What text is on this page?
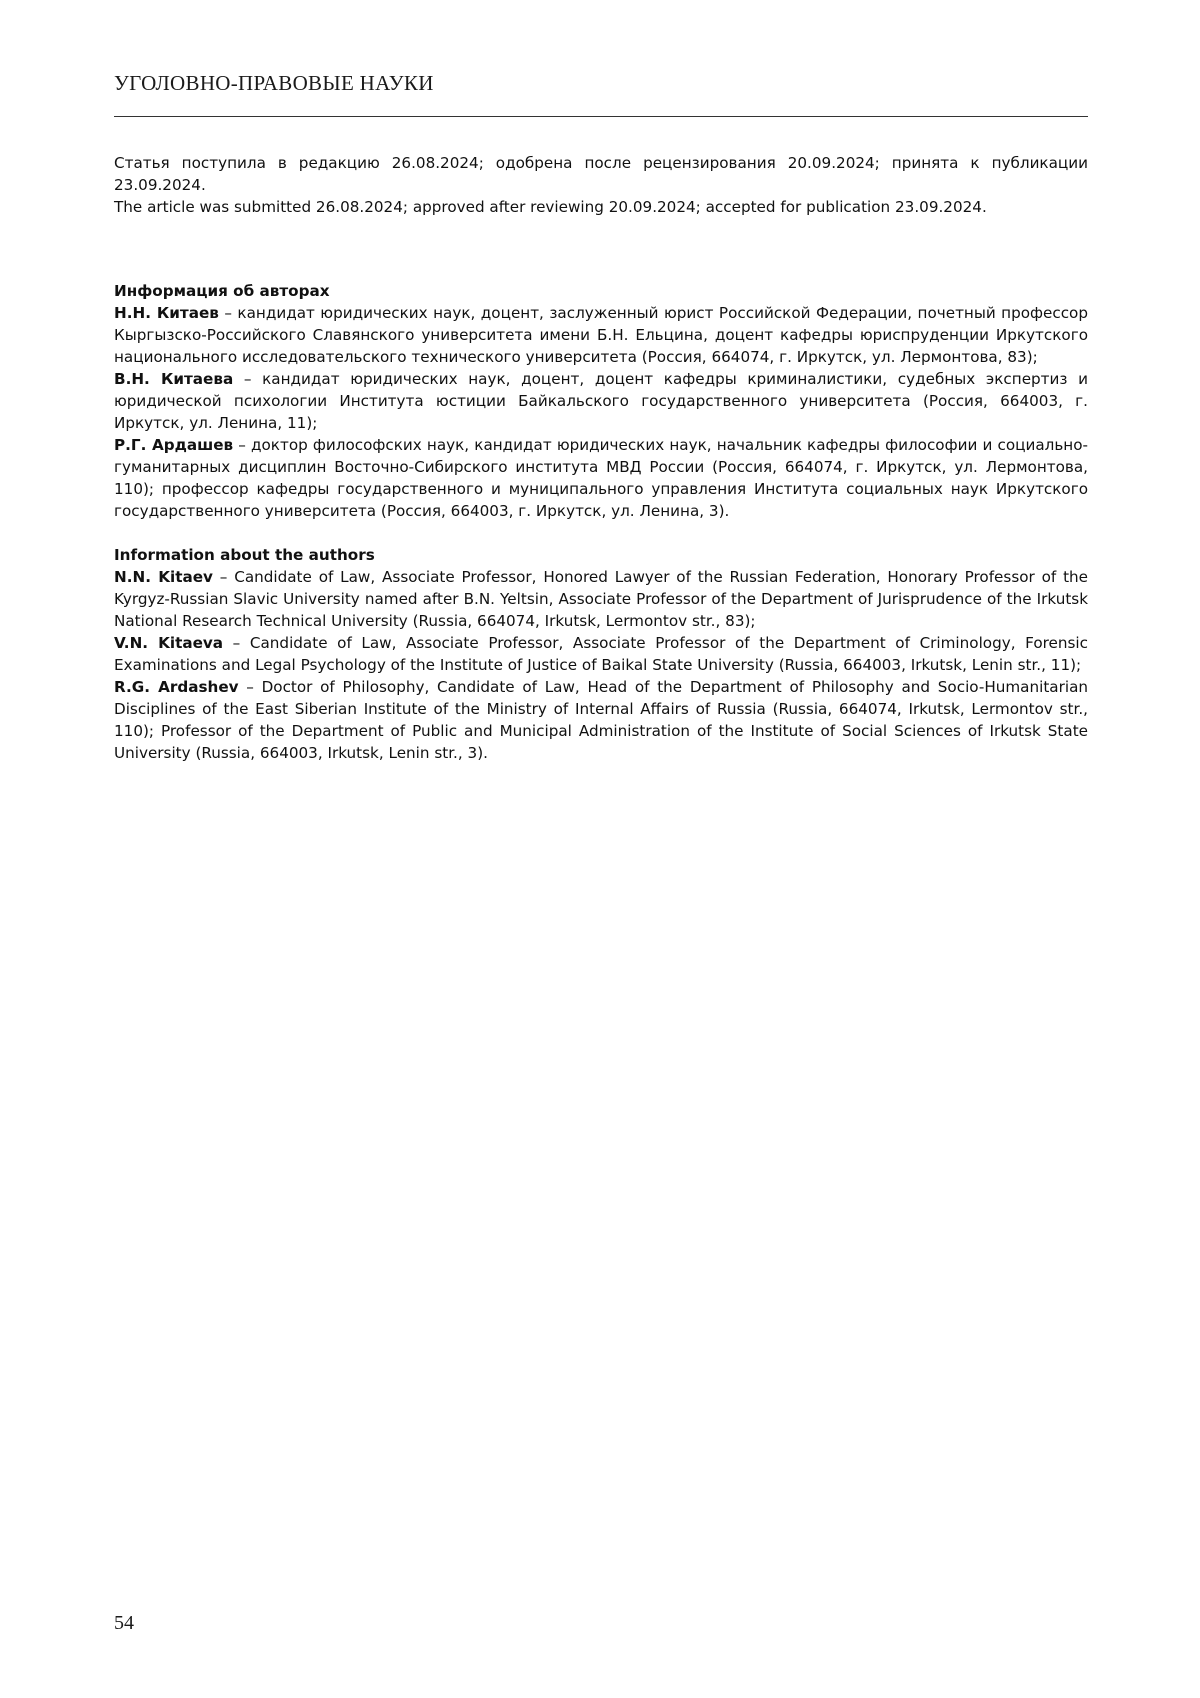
УГОЛОВНО-ПРАВОВЫЕ НАУКИ

Статья поступила в редакцию 26.08.2024; одобрена после рецензирования 20.09.2024; принята к публикации 23.09.2024.

The article was submitted 26.08.2024; approved after reviewing 20.09.2024; accepted for publication 23.09.2024.

Информация об авторах

Н.Н. Китаев – кандидат юридических наук, доцент, заслуженный юрист Российской Федерации, почетный профессор Кыргызско-Российского Славянского университета имени Б.Н. Ельцина, доцент кафедры юриспруденции Иркутского национального исследовательского технического университета (Россия, 664074, г. Иркутск, ул. Лермонтова, 83);

В.Н. Китаева – кандидат юридических наук, доцент, доцент кафедры криминалистики, судебных экспертиз и юридической психологии Института юстиции Байкальского государственного университета (Россия, 664003, г. Иркутск, ул. Ленина, 11);

Р.Г. Ардашев – доктор философских наук, кандидат юридических наук, начальник кафедры философии и социально-гуманитарных дисциплин Восточно-Сибирского института МВД России (Россия, 664074, г. Иркутск, ул. Лермонтова, 110); профессор кафедры государственного и муниципального управления Института социальных наук Иркутского государственного университета (Россия, 664003, г. Иркутск, ул. Ленина, 3).

Information about the authors

N.N. Kitaev – Candidate of Law, Associate Professor, Honored Lawyer of the Russian Federation, Honorary Professor of the Kyrgyz-Russian Slavic University named after B.N. Yeltsin, Associate Professor of the Department of Jurisprudence of the Irkutsk National Research Technical University (Russia, 664074, Irkutsk, Lermontov str., 83);

V.N. Kitaeva – Candidate of Law, Associate Professor, Associate Professor of the Department of Criminology, Forensic Examinations and Legal Psychology of the Institute of Justice of Baikal State University (Russia, 664003, Irkutsk, Lenin str., 11);

R.G. Ardashev – Doctor of Philosophy, Candidate of Law, Head of the Department of Philosophy and Socio-Humanitarian Disciplines of the East Siberian Institute of the Ministry of Internal Affairs of Russia (Russia, 664074, Irkutsk, Lermontov str., 110); Professor of the Department of Public and Municipal Administration of the Institute of Social Sciences of Irkutsk State University (Russia, 664003, Irkutsk, Lenin str., 3).

54
